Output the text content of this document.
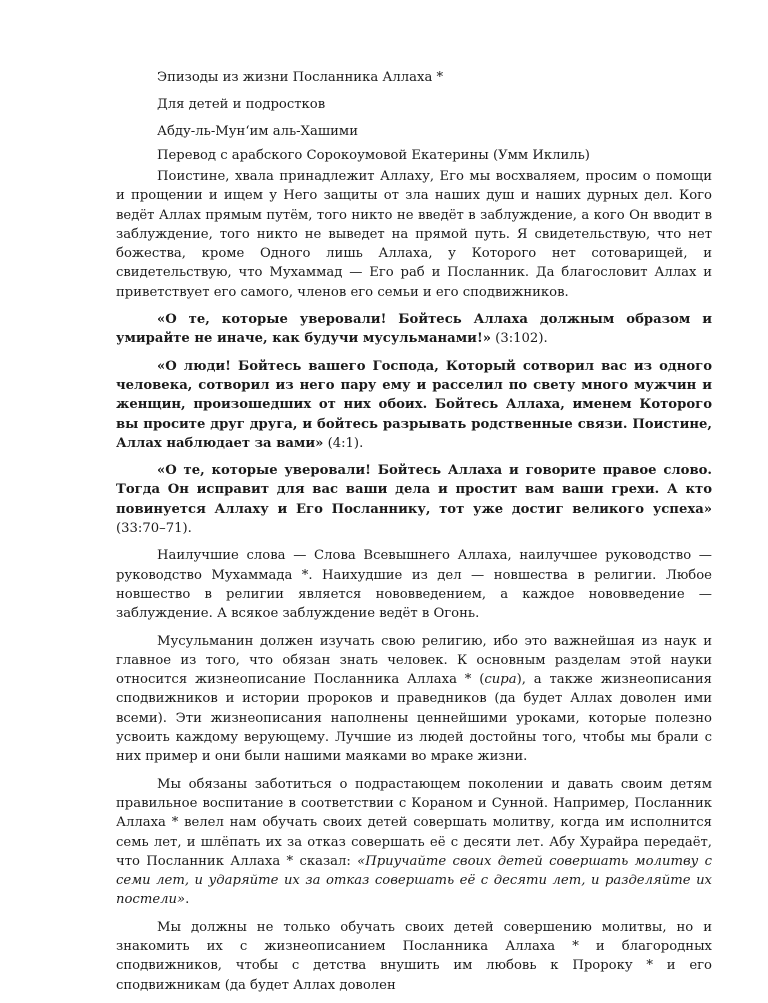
Эпизоды из жизни Посланника Аллаха *
Для детей и подростков
Абду-ль-Мун‘им аль-Хашими
Перевод с арабского Сорокоумовой Екатерины (Умм Иклиль)

Поистине, хвала принадлежит Аллаху, Его мы восхваляем, просим о помощи и прощении и ищем у Него защиты от зла наших душ и наших дурных дел. Кого ведёт Аллах прямым путём, того никто не введёт в заблуждение, а кого Он вводит в заблуждение, того никто не выведет на прямой путь. Я свидетельствую, что нет божества, кроме Одного лишь Аллаха, у Которого нет сотоварищей, и свидетельствую, что Мухаммад — Его раб и Посланник. Да благословит Аллах и приветствует его самого, членов его семьи и его сподвижников.

«О те, которые уверовали! Бойтесь Аллаха должным образом и умирайте не иначе, как будучи мусульманами!» (3:102).

«О люди! Бойтесь вашего Господа, Который сотворил вас из одного человека, сотворил из него пару ему и расселил по свету много мужчин и женщин, произошедших от них обоих. Бойтесь Аллаха, именем Которого вы просите друг друга, и бойтесь разрывать родственные связи. Поистине, Аллах наблюдает за вами» (4:1).

«О те, которые уверовали! Бойтесь Аллаха и говорите правое слово. Тогда Он исправит для вас ваши дела и простит вам ваши грехи. А кто повинуется Аллаху и Его Посланнику, тот уже достиг великого успеха» (33:70–71).

Наилучшие слова — Слова Всевышнего Аллаха, наилучшее руководство — руководство Мухаммада *. Наихудшие из дел — новшества в религии. Любое новшество в религии является нововведением, а каждое нововведение — заблуждение. А всякое заблуждение ведёт в Огонь.

Мусульманин должен изучать свою религию, ибо это важнейшая из наук и главное из того, что обязан знать человек. К основным разделам этой науки относится жизнеописание Посланника Аллаха * (сира), а также жизнеописания сподвижников и истории пророков и праведников (да будет Аллах доволен ими всеми). Эти жизнеописания наполнены ценнейшими уроками, которые полезно усвоить каждому верующему. Лучшие из людей достойны того, чтобы мы брали с них пример и они были нашими маяками во мраке жизни.

Мы обязаны заботиться о подрастающем поколении и давать своим детям правильное воспитание в соответствии с Кораном и Сунной. Например, Посланник Аллаха * велел нам обучать своих детей совершать молитву, когда им исполнится семь лет, и шлёпать их за отказ совершать её с десяти лет. Абу Хурайра передаёт, что Посланник Аллаха * сказал: «Приучайте своих детей совершать молитву с семи лет, и ударяйте их за отказ совершать её с десяти лет, и разделяйте их постели».

Мы должны не только обучать своих детей совершению молитвы, но и знакомить их с жизнеописанием Посланника Аллаха * и благородных сподвижников, чтобы с детства внушить им любовь к Пророку * и его сподвижникам (да будет Аллах доволен
